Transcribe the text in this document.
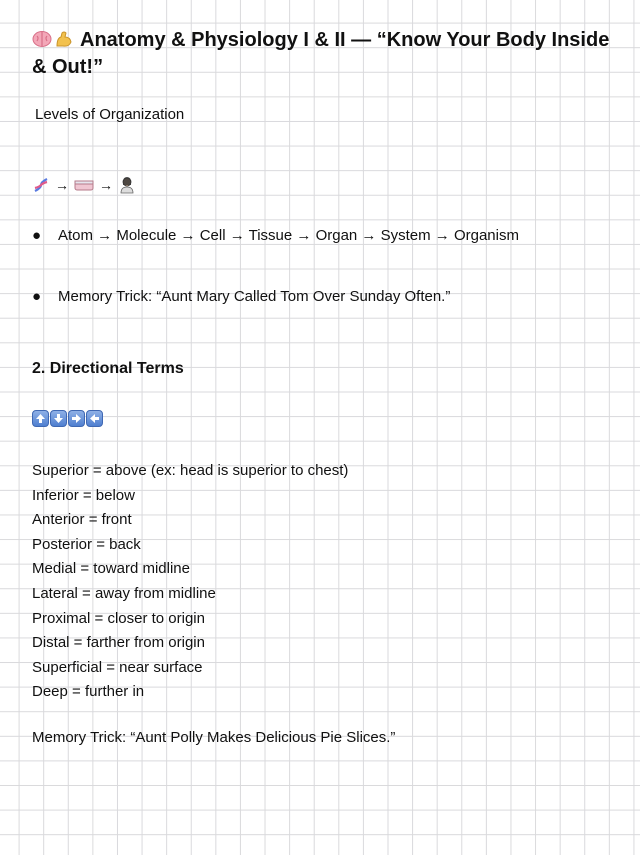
Anatomy & Physiology I & II — “Know Your Body Inside & Out!”
Levels of Organization
→ →
●	Atom → Molecule → Cell → Tissue → Organ → System → Organism
●	Memory Trick: “Aunt Mary Called Tom Over Sunday Often.”
2. Directional Terms
Superior = above (ex: head is superior to chest)
Inferior = below
Anterior = front
Posterior = back
Medial = toward midline
Lateral = away from midline
Proximal = closer to origin
Distal = farther from origin
Superficial = near surface
Deep = further in
Memory Trick: “Aunt Polly Makes Delicious Pie Slices.”
